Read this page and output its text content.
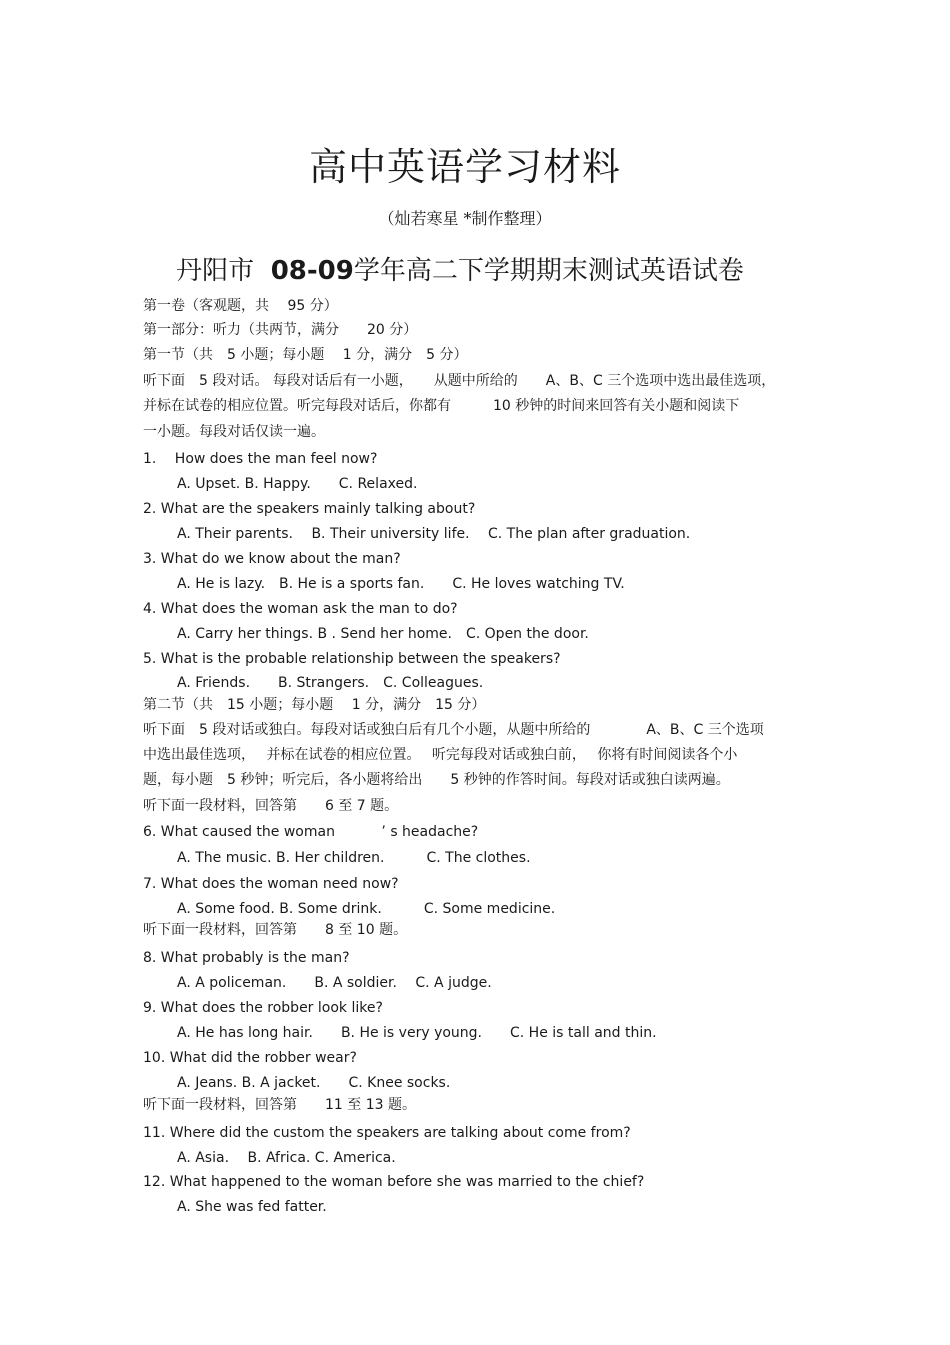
高中英语学习材料
（灿若寒星 *制作整理）
丹阳市 08-09学年高二下学期期末测试英语试卷
第一卷（客观题，共　 95 分）
第一部分：听力（共两节，满分　　20 分）
第一节（共　5 小题；每小题　 1 分，满分　5 分）
听下面　5 段对话。 每段对话后有一小题，　　从题中所给的　　A、B、C 三个选项中选出最佳选项，
并标在试卷的相应位置。听完每段对话后，你都有　　　10 秒钟的时间来回答有关小题和阅读下
一小题。每段对话仅读一遍。
1.　 How does the man feel now?
A. Upset. B. Happy.　　C. Relaxed.
2. What are the speakers mainly talking about?
A. Their parents.　 B. Their university life.　 C. The plan after graduation.
3. What do we know about the man?
A. He is lazy.　B. He is a sports fan.　　C. He loves watching TV.
4. What does the woman ask the man to do?
A. Carry her things. B . Send her home.　C. Open the door.
5. What is the probable relationship between the speakers?
A. Friends.　　B. Strangers.　C. Colleagues.
第二节（共　15 小题；每小题　 1 分，满分　15 分）
听下面　5 段对话或独白。每段对话或独白后有几个小题，从题中所给的　　　　A、B、C 三个选项
中选出最佳选项，　 并标在试卷的相应位置。　 听完每段对话或独白前，　 你将有时间阅读各个小
题，每小题　5 秒钟；听完后，各小题将给出　　5 秒钟的作答时间。每段对话或独白读两遍。
听下面一段材料，回答第　　6 至 7 题。
6. What caused the woman　　　 ’ s headache?
A. The music. B. Her children.　　　C. The clothes.
7. What does the woman need now?
A. Some food. B. Some drink.　　　C. Some medicine.
听下面一段材料，回答第　　8 至 10 题。
8. What probably is the man?
A. A policeman.　　B. A soldier.　 C. A judge.
9. What does the robber look like?
A. He has long hair.　　B. He is very young.　　C. He is tall and thin.
10. What did the robber wear?
A. Jeans. B. A jacket.　　C. Knee socks.
听下面一段材料，回答第　　11 至 13 题。
11. Where did the custom the speakers are talking about come from?
A. Asia.　 B. Africa. C. America.
12. What happened to the woman before she was married to the chief?
A. She was fed fatter.
